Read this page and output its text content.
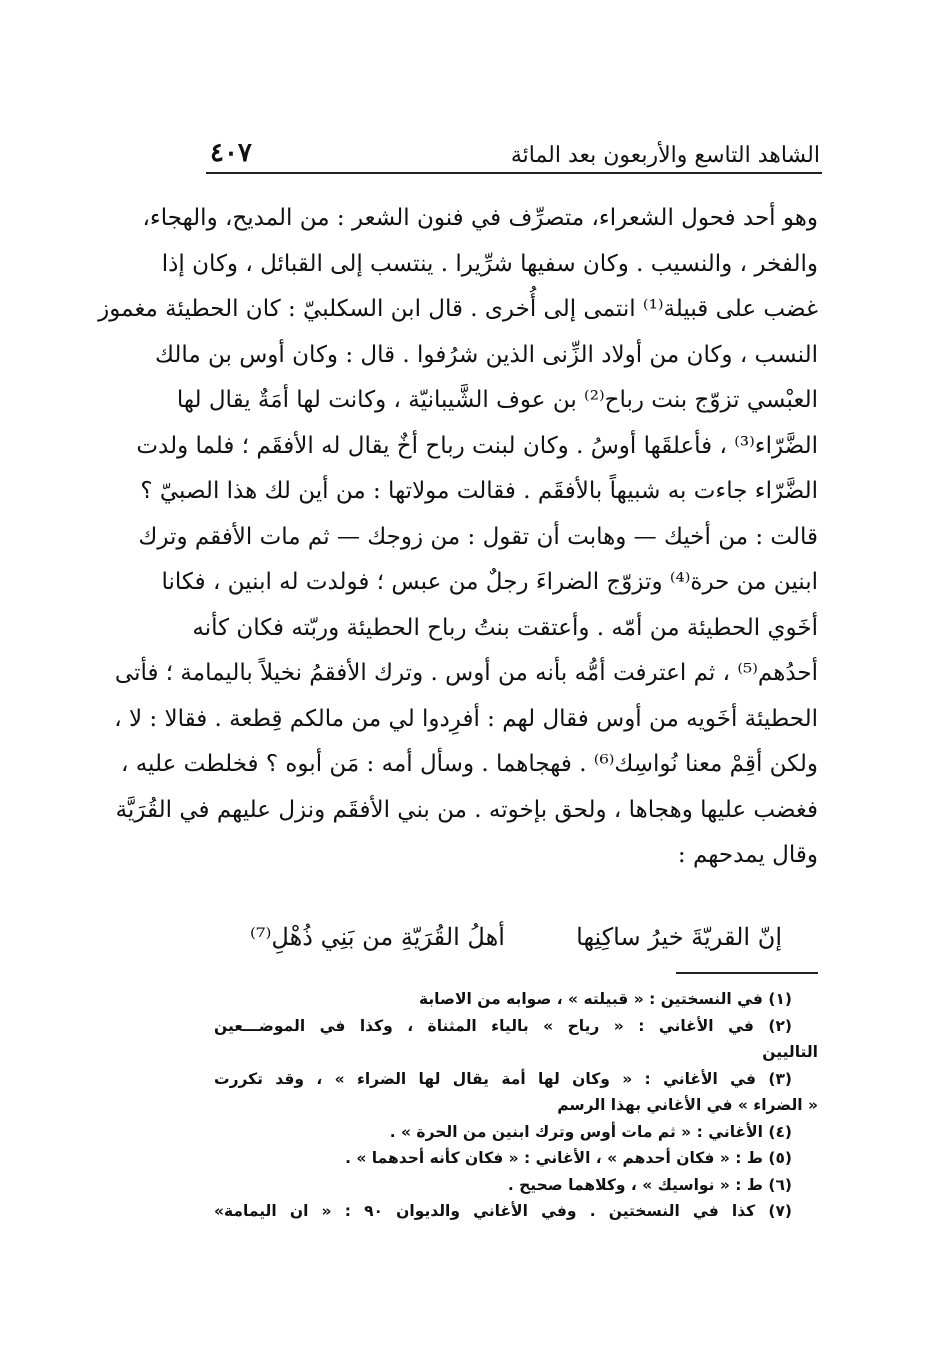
الشاهد التاسع والأربعون بعد المائة
٤٠٧
وهو أحد فحول الشعراء، متصرِّف في فنون الشعر : من المديح، والهجاء،
والفخر ، والنسيب . وكان سفيها شرِّيرا . ينتسب إلى القبائل ، وكان إذا
غضب على قبيلة⁽¹⁾ انتمى إلى أُخرى . قال ابن السكلبيّ : كان الحطيئة مغموز
النسب ، وكان من أولاد الزِّنى الذين شرُفوا . قال : وكان أوس بن مالك
العبْسي تزوّج بنت رباح⁽²⁾ بن عوف الشَّيبانيّة ، وكانت لها أمَةٌ يقال لها
الضَّرّاء⁽³⁾ ، فأعلقَها أوسُ . وكان لبنت رباح أخٌ يقال له الأفقَم ؛ فلما ولدت
الضَّرّاء جاءت به شبيهاً بالأفقَم . فقالت مولاتها : من أين لك هذا الصبيّ ؟
قالت : من أخيك — وهابت أن تقول : من زوجك — ثم مات الأفقم وترك
ابنين من حرة⁽⁴⁾ وتزوّج الضراءَ رجلٌ من عبس ؛ فولدت له ابنين ، فكانا
أخَوي الحطيئة من أمّه . وأعتقت بنتُ رباح الحطيئة وربّته فكان كأنه
أحدُهم⁽⁵⁾ ، ثم اعترفت أمُّه بأنه من أوس . وترك الأفقمُ نخيلاً باليمامة ؛ فأتى
الحطيئة أخَويه من أوس فقال لهم : أفرِدوا لي من مالكم قِطعة . فقالا : لا ،
ولكن أقِمْ معنا نُواسِك⁽⁶⁾ . فهجاهما . وسأل أمه : مَن أبوه ؟ فخلطت عليه ،
فغضب عليها وهجاها ، ولحق بإخوته . من بني الأفقَم ونزل عليهم في القُرَيَّة
وقال يمدحهم :
إنّ القريّةَ خيرُ ساكِنِها
أهلُ القُرَيّةِ من بَنِي ذُهْلِ⁽⁷⁾
(١) في النسختين : « قبيلته » ، صوابه من الاصابة
(٢) في الأغاني : « رياح » بالياء المثناة ، وكذا في الموضـــعين
التاليين
(٣) في الأغاني : « وكان لها أمة يقال لها الضراء » ، وقد تكررت
« الضراء » في الأغاني بهذا الرسم
(٤) الأغاني : « ثم مات أوس وترك ابنين من الحرة » .
(٥) ط : « فكان أحدهم » ، الأغاني : « فكان كأنه أحدهما » .
(٦) ط : « نواسيك » ، وكلاهما صحيح .
(٧) كذا في النسختين . وفي الأغاني والديوان ٩٠ : « ان اليمامة»
